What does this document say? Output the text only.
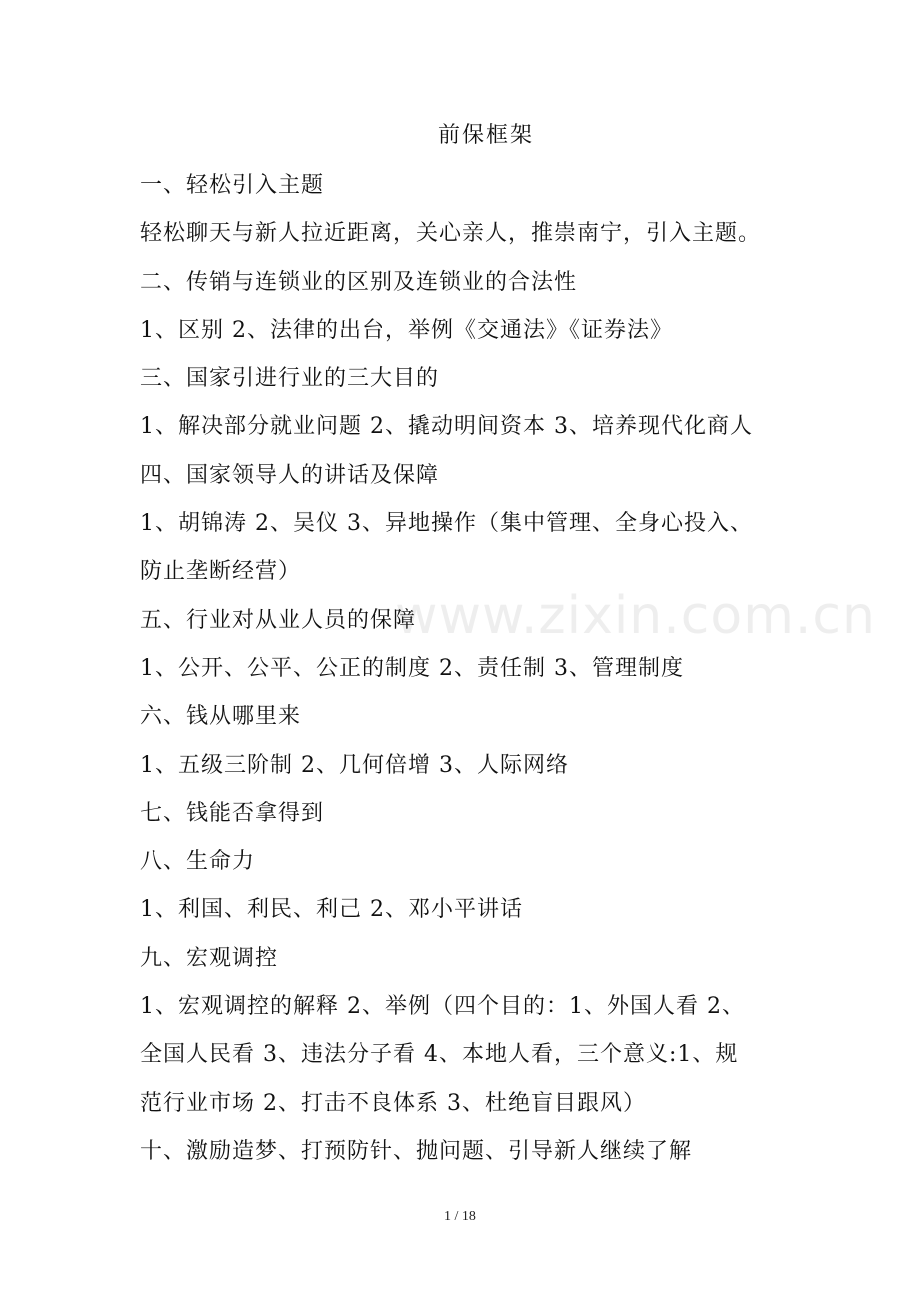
前保框架
一、轻松引入主题
轻松聊天与新人拉近距离，关心亲人，推崇南宁，引入主题。
二、传销与连锁业的区别及连锁业的合法性
1、区别 2、法律的出台，举例《交通法》《证券法》
三、国家引进行业的三大目的
1、解决部分就业问题 2、撬动明间资本 3、培养现代化商人
四、国家领导人的讲话及保障
1、胡锦涛 2、吴仪 3、异地操作（集中管理、全身心投入、
防止垄断经营）
五、行业对从业人员的保障
1、公开、公平、公正的制度 2、责任制 3、管理制度
六、钱从哪里来
1、五级三阶制 2、几何倍增 3、人际网络
七、钱能否拿得到
八、生命力
1、利国、利民、利己 2、邓小平讲话
九、宏观调控
1、宏观调控的解释 2、举例（四个目的：1、外国人看 2、
全国人民看 3、违法分子看 4、本地人看，三个意义:1、规
范行业市场 2、打击不良体系 3、杜绝盲目跟风）
十、激励造梦、打预防针、抛问题、引导新人继续了解
www.zixin.com.cn
1 / 18
